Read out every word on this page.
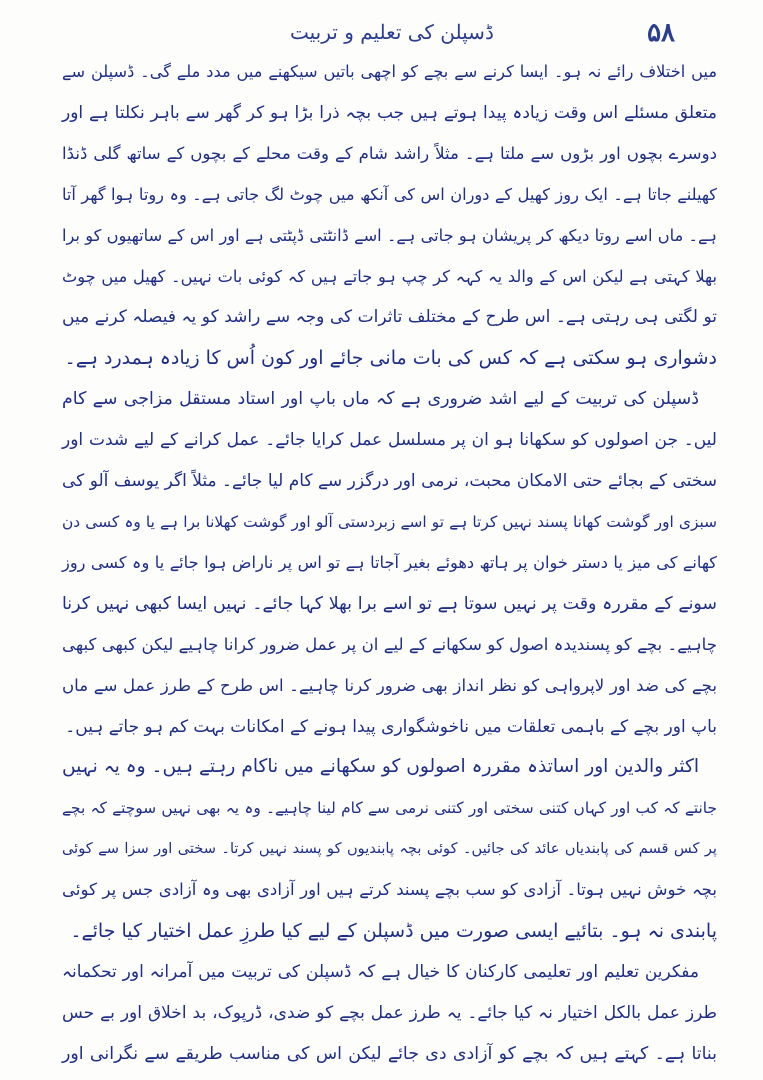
ڈسپلن کی تعلیم و تربیت	۵۸

میں اختلاف رائے نہ ہو۔ ایسا کرنے سے بچے کو اچھی باتیں سیکھنے میں مدد ملے گی۔ ڈسپلن سے
متعلق مسئلے اس وقت زیادہ پیدا ہوتے ہیں جب بچہ ذرا بڑا ہو کر گھر سے باہر نکلتا ہے اور
دوسرے بچوں اور بڑوں سے ملتا ہے۔ مثلاً راشد شام کے وقت محلے کے بچوں کے ساتھ گلی ڈنڈا
کھیلنے جاتا ہے۔ ایک روز کھیل کے دوران اس کی آنکھ میں چوٹ لگ جاتی ہے۔ وہ روتا ہوا گھر آتا
ہے۔ ماں اسے روتا دیکھ کر پریشان ہو جاتی ہے۔ اسے ڈانٹتی ڈپٹتی ہے اور اس کے ساتھیوں کو برا
بھلا کہتی ہے لیکن اس کے والد یہ کہہ کر چپ ہو جاتے ہیں کہ کوئی بات نہیں۔ کھیل میں چوٹ
تو لگتی ہی رہتی ہے۔ اس طرح کے مختلف تاثرات کی وجہ سے راشد کو یہ فیصلہ کرنے میں
دشواری ہو سکتی ہے کہ کس کی بات مانی جائے اور کون اُس کا زیادہ ہمدرد ہے۔

ڈسپلن کی تربیت کے لیے اشد ضروری ہے کہ ماں باپ اور استاد مستقل مزاجی سے کام
لیں۔ جن اصولوں کو سکھانا ہو ان پر مسلسل عمل کرایا جائے۔ عمل کرانے کے لیے شدت اور
سختی کے بجائے حتی الامکان محبت، نرمی اور درگزر سے کام لیا جائے۔ مثلاً اگر یوسف آلو کی
سبزی اور گوشت کھانا پسند نہیں کرتا ہے تو اسے زبردستی آلو اور گوشت کھلانا برا ہے یا وہ کسی دن
کھانے کی میز یا دستر خوان پر ہاتھ دھوئے بغیر آجاتا ہے تو اس پر ناراض ہوا جائے یا وہ کسی روز
سونے کے مقررہ وقت پر نہیں سوتا ہے تو اسے برا بھلا کہا جائے۔ نہیں ایسا کبھی نہیں کرنا
چاہیے۔ بچے کو پسندیدہ اصول کو سکھانے کے لیے ان پر عمل ضرور کرانا چاہیے لیکن کبھی کبھی
بچے کی ضد اور لاپرواہی کو نظر انداز بھی ضرور کرنا چاہیے۔ اس طرح کے طرز عمل سے ماں
باپ اور بچے کے باہمی تعلقات میں ناخوشگواری پیدا ہونے کے امکانات بہت کم ہو جاتے ہیں۔

اکثر والدین اور اساتذہ مقررہ اصولوں کو سکھانے میں ناکام رہتے ہیں۔ وہ یہ نہیں
جانتے کہ کب اور کہاں کتنی سختی اور کتنی نرمی سے کام لینا چاہیے۔ وہ یہ بھی نہیں سوچتے کہ بچے
پر کس قسم کی پابندیاں عائد کی جائیں۔ کوئی بچہ پابندیوں کو پسند نہیں کرتا۔ سختی اور سزا سے کوئی
بچہ خوش نہیں ہوتا۔ آزادی کو سب بچے پسند کرتے ہیں اور آزادی بھی وہ آزادی جس پر کوئی
پابندی نہ ہو۔ بتائیے ایسی صورت میں ڈسپلن کے لیے کیا طرزِ عمل اختیار کیا جائے۔

مفکرین تعلیم اور تعلیمی کارکنان کا خیال ہے کہ ڈسپلن کی تربیت میں آمرانہ اور تحکمانہ
طرز عمل بالکل اختیار نہ کیا جائے۔ یہ طرز عمل بچے کو ضدی، ڈرپوک، بد اخلاق اور بے حس
بناتا ہے۔ کہتے ہیں کہ بچے کو آزادی دی جائے لیکن اس کی مناسب طریقے سے نگرانی اور
